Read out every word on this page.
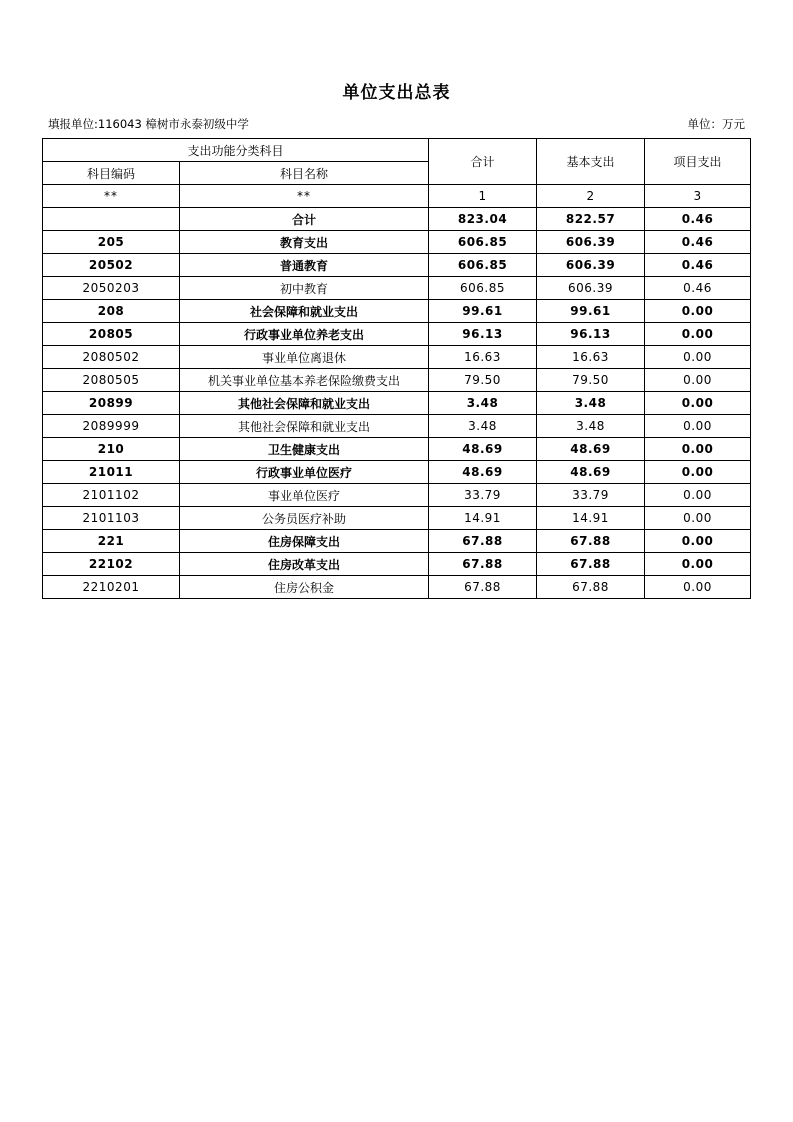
单位支出总表
填报单位:116043 樟树市永泰初级中学	单位：万元
支出功能分类科目		合计	基本支出	项目支出
科目编码	科目名称			
**	**	1	2	3
	合计	823.04	822.57	0.46
205	教育支出	606.85	606.39	0.46
20502	普通教育	606.85	606.39	0.46
2050203	初中教育	606.85	606.39	0.46
208	社会保障和就业支出	99.61	99.61	0.00
20805	行政事业单位养老支出	96.13	96.13	0.00
2080502	事业单位离退休	16.63	16.63	0.00
2080505	机关事业单位基本养老保险缴费支出	79.50	79.50	0.00
20899	其他社会保障和就业支出	3.48	3.48	0.00
2089999	其他社会保障和就业支出	3.48	3.48	0.00
210	卫生健康支出	48.69	48.69	0.00
21011	行政事业单位医疗	48.69	48.69	0.00
2101102	事业单位医疗	33.79	33.79	0.00
2101103	公务员医疗补助	14.91	14.91	0.00
221	住房保障支出	67.88	67.88	0.00
22102	住房改革支出	67.88	67.88	0.00
2210201	住房公积金	67.88	67.88	0.00
